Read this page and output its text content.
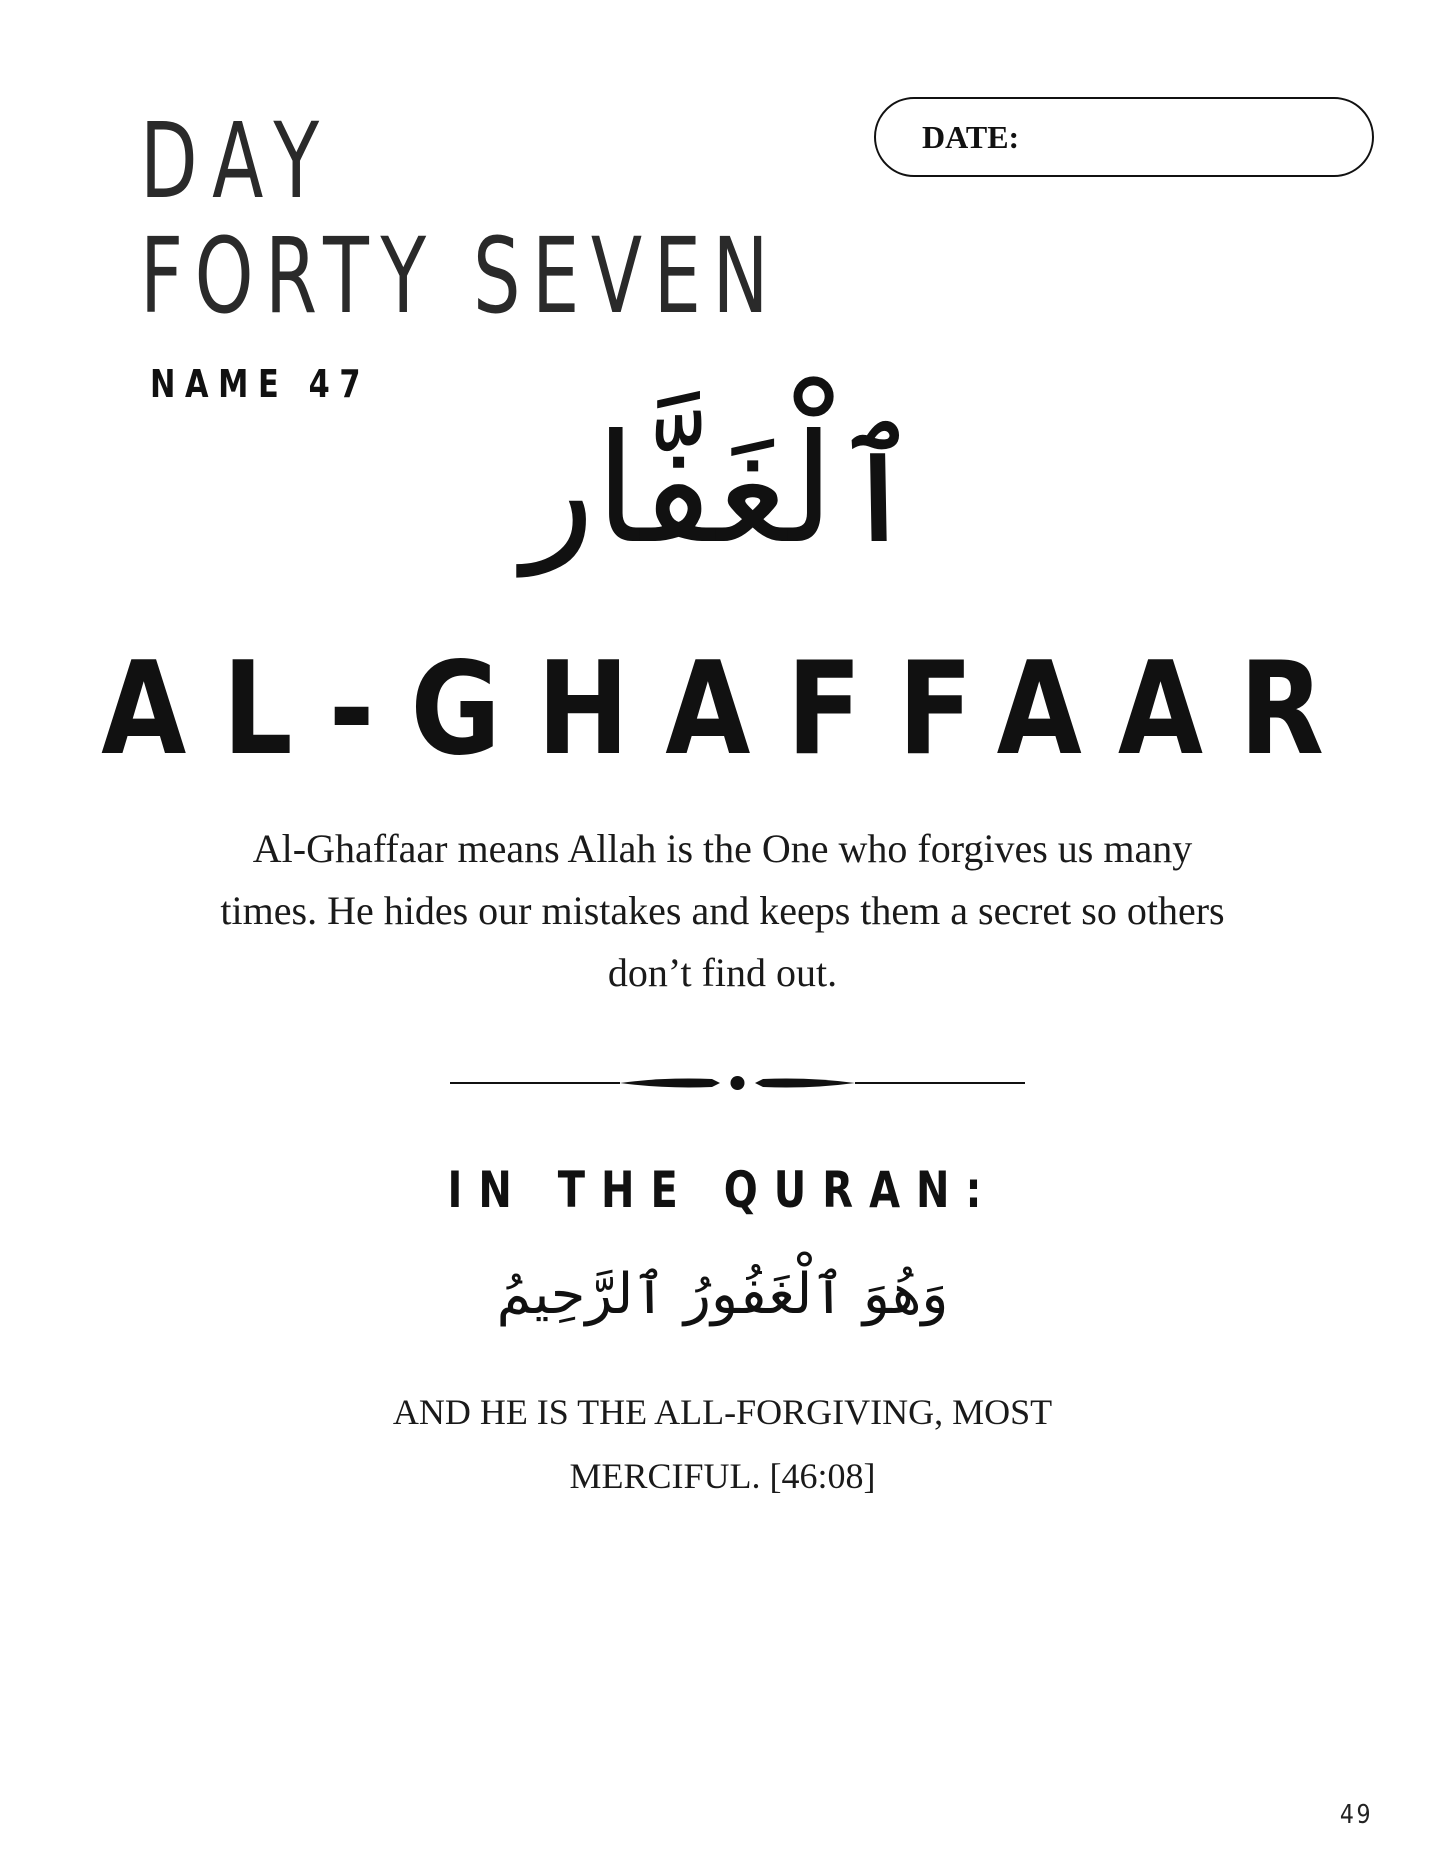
DAY
FORTY SEVEN
NAME 47
DATE:
ٱلْغَفَّار
AL-GHAFFAAR
Al-Ghaffaar means Allah is the One who forgives us many times. He hides our mistakes and keeps them a secret so others don’t find out.
IN THE QURAN:
وَهُوَ ٱلْغَفُورُ ٱلرَّحِيمُ
AND HE IS THE ALL-FORGIVING, MOST MERCIFUL. [46:08]
49
